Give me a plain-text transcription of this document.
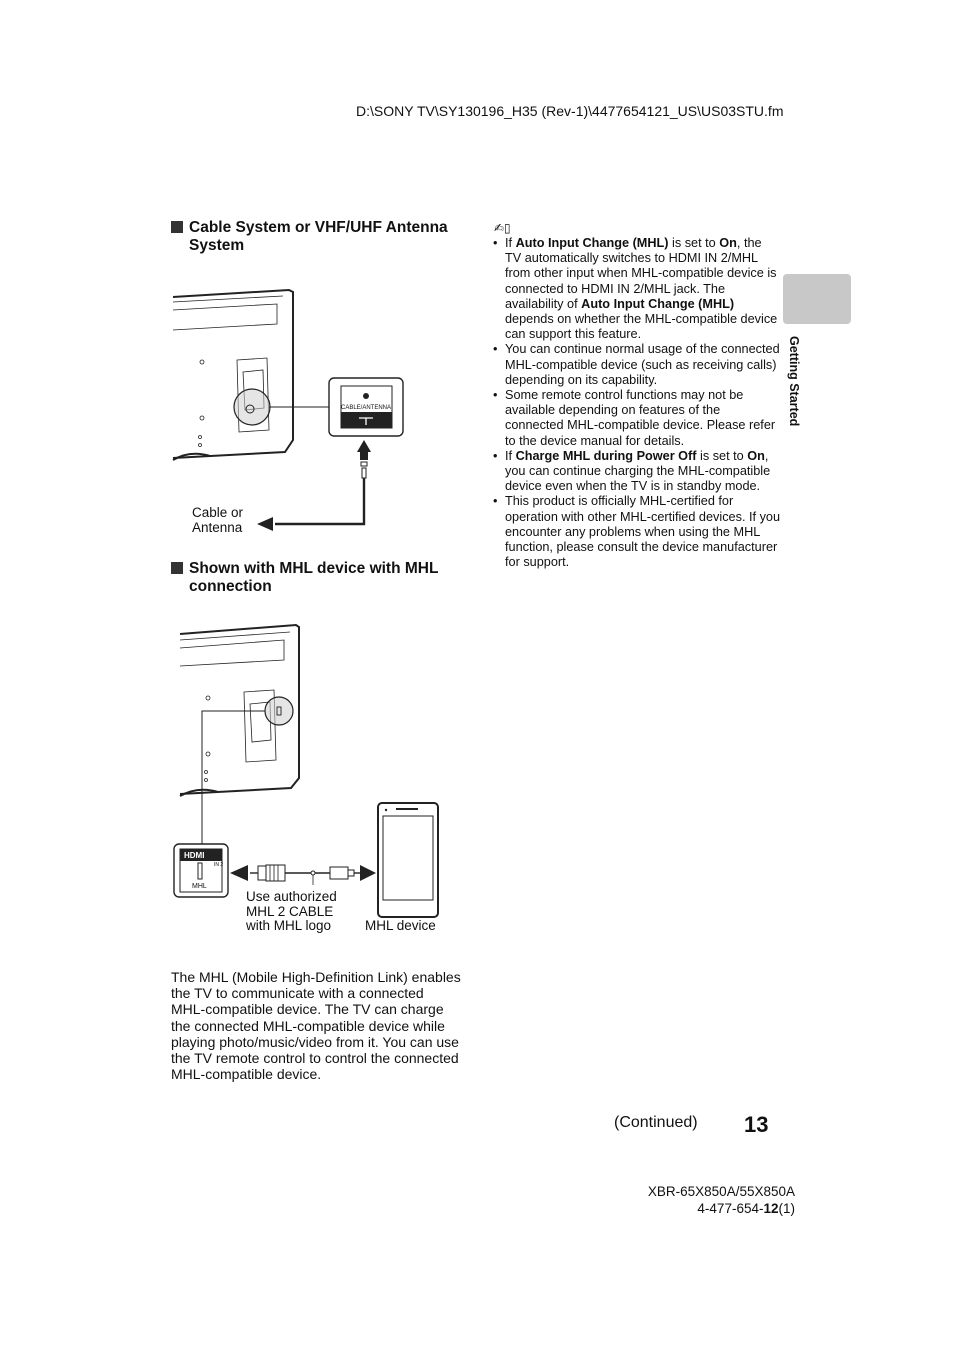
D:\SONY TV\SY130196_H35 (Rev-1)\4477654121_US\US03STU.fm
Cable System or VHF/UHF Antenna System
CABLE/ANTENNA
Cable or Antenna
Shown with MHL device with MHL connection
HDMI
IN 2
MHL
Use authorized MHL 2 CABLE with MHL logo	MHL device
✍▯
• If Auto Input Change (MHL) is set to On, the TV automatically switches to HDMI IN 2/MHL from other input when MHL-compatible device is connected to HDMI IN 2/MHL jack. The availability of Auto Input Change (MHL) depends on whether the MHL-compatible device can support this feature.
• You can continue normal usage of the connected MHL-compatible device (such as receiving calls) depending on its capability.
• Some remote control functions may not be available depending on features of the connected MHL-compatible device. Please refer to the device manual for details.
• If Charge MHL during Power Off is set to On, you can continue charging the MHL-compatible device even when the TV is in standby mode.
• This product is officially MHL-certified for operation with other MHL-certified devices. If you encounter any problems when using the MHL function, please consult the device manufacturer for support.
Getting Started
The MHL (Mobile High-Definition Link) enables the TV to communicate with a connected MHL-compatible device. The TV can charge the connected MHL-compatible device while playing photo/music/video from it. You can use the TV remote control to control the connected MHL-compatible device.
(Continued) 13
XBR-65X850A/55X850A
4-477-654-12(1)
